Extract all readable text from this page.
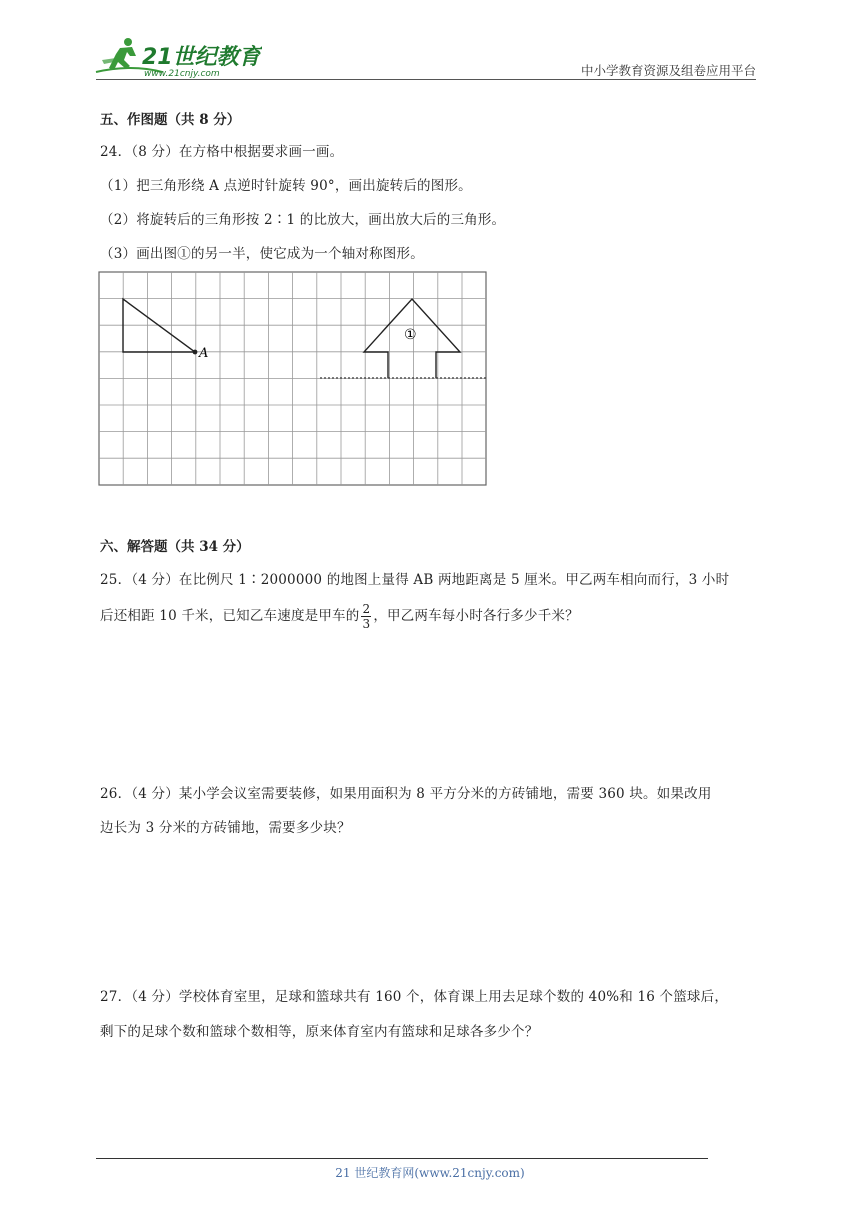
21世纪教育
www.21cnjy.com	中小学教育资源及组卷应用平台
五、作图题（共 8 分）
24．（8 分）在方格中根据要求画一画。
（1）把三角形绕 A 点逆时针旋转 90°，画出旋转后的图形。
（2）将旋转后的三角形按 2∶1 的比放大，画出放大后的三角形。
（3）画出图①的另一半，使它成为一个轴对称图形。
A
①
六、解答题（共 34 分）
25．（4 分）在比例尺 1∶2000000 的地图上量得 AB 两地距离是 5 厘米。甲乙两车相向而行，3 小时
后还相距 10 千米，已知乙车速度是甲车的 $\frac{2}{3}$ ，甲乙两车每小时各行多少千米？
26．（4 分）某小学会议室需要装修，如果用面积为 8 平方分米的方砖铺地，需要 360 块。如果改用
边长为 3 分米的方砖铺地，需要多少块？
27．（4 分）学校体育室里，足球和篮球共有 160 个，体育课上用去足球个数的 40%和 16 个篮球后，
剩下的足球个数和篮球个数相等，原来体育室内有篮球和足球各多少个？
21 世纪教育网(www.21cnjy.com)
